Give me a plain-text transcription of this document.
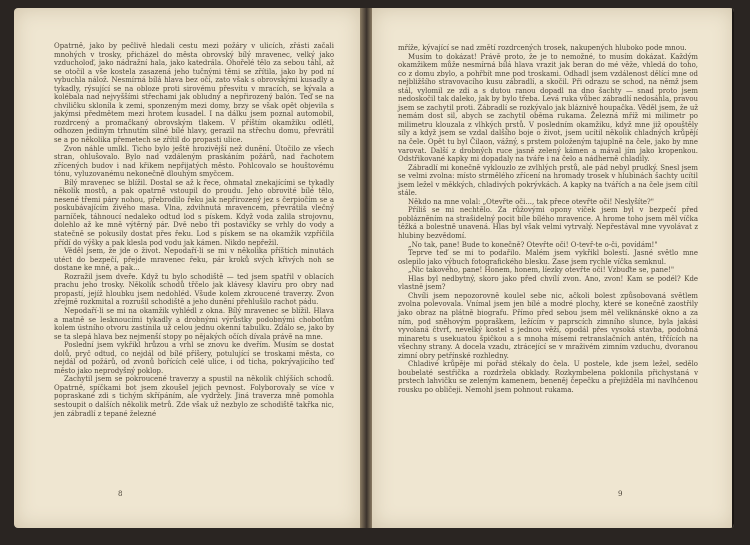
Opatrně, jako by pečlivě hledali cestu mezi požáry v ulicích, zřásti začali mnohých v trosky, přicházel do města obrovský bílý mravenec, velký jako vzducholoď, jako nádražní hala, jako katedrála. Ohořelé tělo za sebou táhl, až se otočil a vše kostela zasazená jeho tučnými těmi se zřítila, jako by pod ní vybuchla nálož. Nesmírná bílá hlava bez očí, zato však s obrovskými kusadly a tykadly, rýsující se na obloze proti sirovému přesvitu v mracích, se kývala a kolébala nad nejvyššími střechami jak obludný a nepřirozený balón. Teď se na chviličku skloníla k zemi, sponzeným mezi domy, brzy se však opět objevila s jakýmsi předmětem mezi hrotem kusadel. I na dálku jsem poznal automobil, rozdrcený a promačkaný obrovským tlakem. V příštím okamžiku odlétl, odhozen jediným trhnutím silné bílé hlavy, gerazil na střechu domu, převrátil se a po několika přemetech se zřítil do propasti ulice.

Zvon náhle umlkl. Ticho bylo ještě hrozivější než dunění. Útočilo ze všech stran, ohlušovalo. Bylo nad vzdáleným praskáním požárů, nad řachotem zřícených budov i nad křikem nepřijatých město. Pohlcovalo se houštovému tónu, vyluzovanému nekonečně dlouhým smyčcem.

Bílý mravenec se blížil. Dostal se až k řece, ohmatal znekajícími se tykadly několik mostů, a pak opatrně vstoupil do proudu. Jeho obrovité bílé tělo, nesené třemi páry nohou, přebrodilo řeku jak nepřirozený jez s čerpiočím se a poskubávajícím živého masa. Vlna, zdvihnutá mravencem, převrátila vlečný parníček, táhnoucí nedaleko odtud lod s pískem. Když voda zalila strojovnu, dolehlo až ke mně výtěrný pár. Dvě nebo tři postavičky se vrhly do vody a statečně se pokusily dostat přes řeku. Lod s pískem se na okamžik vzpříčila přídí do výšky a pak klesla pod vodu jak kámen. Nikdo nepřežil.

Věděl jsem, že jde o život. Nepodaří-li se mi v několika příštích minutách utéct do bezpečí, přejde mravenec řeku, pár kroků svých křivých noh se dostane ke mně, a pak...

Rozražil jsem dveře. Když tu bylo schodiště — ted jsem spatřil v oblacích prachu jeho trosky. Několik schodů třčelo jak klávesy klavíru pro obry nad propastí, jejíž hloubku jsem nedohléd. Všude kolem zkroucené traverzy. Zvon zřejmě rozkmital a rozrušil schodiště a jeho dunění přehlušilo rachot pádu.

Nepodaří-li se mi na okamžik vyhlédl z okna. Bílý mravenec se blížil. Hlava a matně se lesknoucími tykadly a drobnými výrůstky podobnými chobotům kolem ústního otvoru zastínila už celou jednu okenní tabulku. Zdálo se, jako by se ta slepá hlava bez nejmenší stopy po nějakých očích dívala právě na mne.

Poslední jsem vykřikl hrůzou a vrhl se znovu ke dveřím. Musím se dostat dolů, pryč odtud, co nejdál od bílé příšery, potulující se troskami města, co nejdál od požárů, od zvonů bořících celé ulice, i od ticha, pokrývajícího teď město jako neprodyšný poklop.

Zachytil jsem se pokroucené traverzy a spustil na několik chlýších schodů. Opatrně, spíčkami bot jsem zkoušel jejich pevnost. Folyborovaly se více v popraskané zdi s tichým skřípáním, ale vydržely. Jiná traverza mně pomohla sestoupit o dalších několik metrů. Zde však už nezbylo ze schodiště takřka nic, jen zábradlí z tepané železné

8

mříže, kývající se nad změtí rozdrcených trosek, nakupených hluboko pode mnou.

Musím to dokázat! Právě proto, že je to nemožné, to musím dokázat. Každým okamžikem může nesmírná bílá hlava vrazit jak beran do mé věže, vhledá do toho, co z domu zbylo, a pohřbít mne pod troskami. Odhadl jsem vzdálenost dělící mne od nejbližšího stravovacího kusu zábradlí, a skočil. Při odrazu se schod, na němž jsem stál, vylomil ze zdi a s dutou ranou dopadl na dno šachty — snad proto jsem nedoskočil tak daleko, jak by bylo třeba. Levá ruka vůbec zábradlí nedosáhla, pravou jsem se zachytil proti. Zábradlí se rozkývalo jak bláznivě houpačka. Věděl jsem, že už nemám dost sil, abych se zachytil oběma rukama. Železná mříž mi milimetr po milimetru klouzala z vlhkých prstů. V posledním okamžiku, když mne již opouštěly síly a když jsem se vzdal dalšího boje o život, jsem ucítil několik chladných krůpějí na čele. Opět tu byl Čilaon, vážný, s prstem položeným tajuplně na čele, jako by mne varovat. Další z drobných ruce jasně zelený kámen a mával jím jako kropenkou. Odstřikované kapky mi dopadaly na tváře i na čelo a nádherně chladily.

Zábradlí mi konečně vyklouzlo ze zvlhlých prstů, ale pád nebyl prudký. Snesl jsem se velmi zvolna: místo strmělého zřícení na hromady trosek v hlubinách šachty ucítil jsem ležel v měkkých, chladivých pokrývkách. A kapky na tvářích a na čele jsem cítil stále.

Někdo na mne volal: „Otevřte oči..., tak přece otevřte oči! Neslyšíte?"

Příliš se mi nechtělo. Za růžovými opony víček jsem byl v bezpečí před poblázněním na strašidelný pocit bíle bílého mravence. A hrome toho jsem měl víčka těžká a bolestně unavená. Hlas byl však velmi vytrvalý. Nepřestával mne vyvolávat z hlubiny bezvědomí.

„No tak, pane! Bude to konečně? Otevřte oči! O-tevř-te o-či, povídám!"

Teprve teď se mi to podařilo. Malém jsem vykřikl bolestí. Jasné světlo mne oslepilo jako výbuch fotografického blesku. Zase jsem rychle víčka semknul.

„Nic takového, pane! Honem, honem, líezky otevřte oči! Vzbuďte se, pane!"

Hlas byl nedbytný, skoro jako před chvílí zvon. Ano, zvon! Kam se podél? Kde vlastně jsem?

Chvíli jsem nepozorovně koulel sebe nic, ačkoli bolest způsobovaná světlem zvolna polevovala. Vnímal jsem jen bílé a modré plochy, které se konečně zaostřily jako obraz na plátně biografu. Přímo před sebou jsem měl veliknánské okno a za ním, pod sněhovým popraškem, ležícím v paprscích zimního slunce, byla jakási vyvolaná čtvrť, nevelký kostel s jednou věží, opodál přes vysoká stavba, podobná minaretu s usekuatou špičkou a s mnoha mísemi retranslačních antén, třčících na všechny strany. A docela vzadu, ztrácející se v mraživém zimním vzduchu, dvoranou zimní obry petřínské rozhledny.

Chladivé krůpěje mi pořád stékaly do čela. U postele, kde jsem ležel, sedělo boubelaté sestřička a rozdržela obklady. Rozkymbelena poklonila přichystaná v prstech lahvičku se zeleným kamenem, beneněj čepečku a přejižděla mi navlhčenou rousku po obličeji. Nemohl jsem pohnout rukama.

9
